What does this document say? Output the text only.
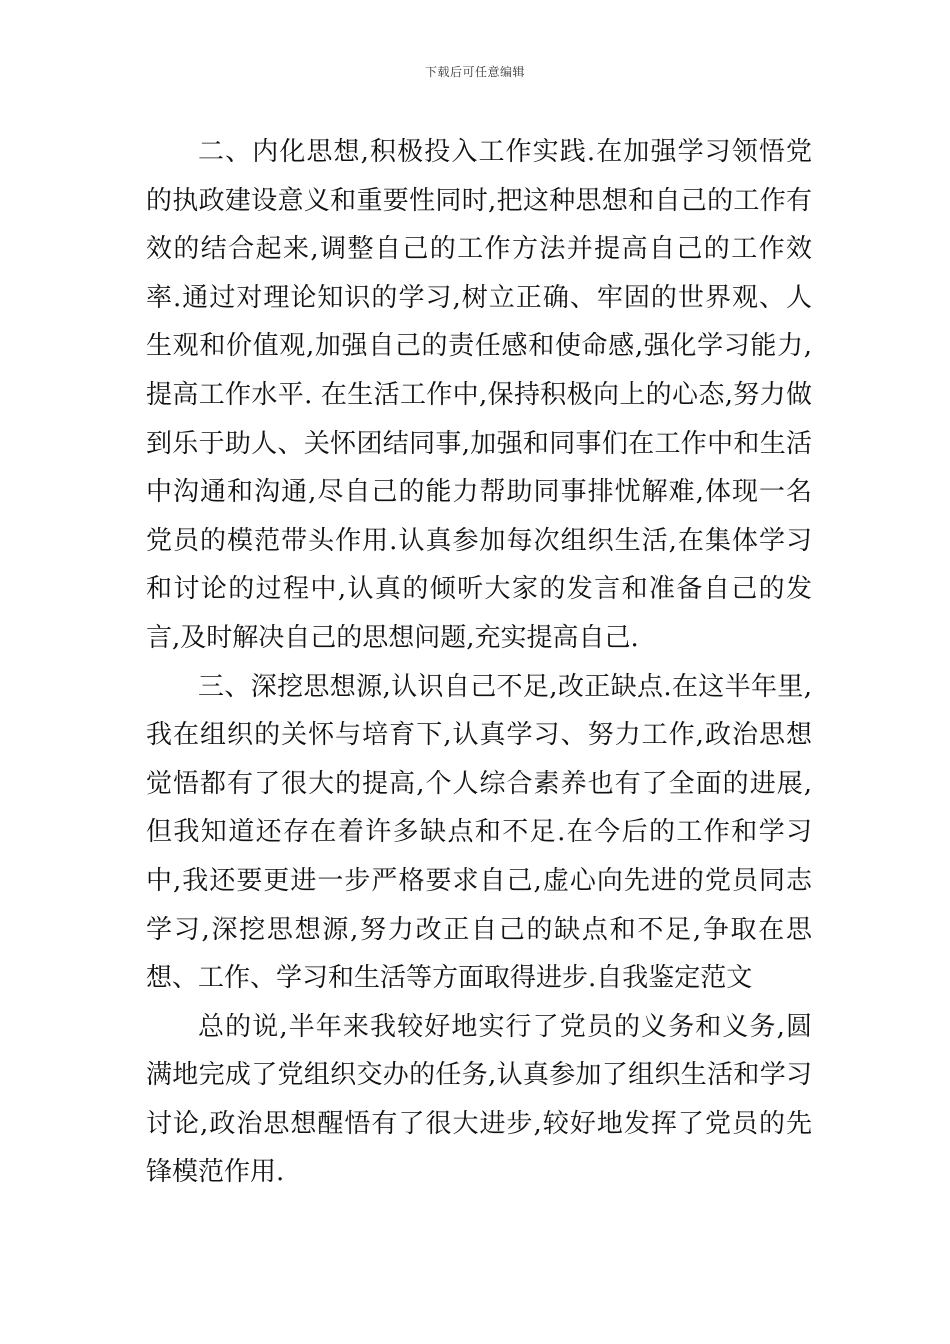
下载后可任意编辑

二、内化思想,积极投入工作实践.在加强学习领悟党的执政建设意义和重要性同时,把这种思想和自己的工作有效的结合起来,调整自己的工作方法并提高自己的工作效率.通过对理论知识的学习,树立正确、牢固的世界观、人生观和价值观,加强自己的责任感和使命感,强化学习能力,提高工作水平. 在生活工作中,保持积极向上的心态,努力做到乐于助人、关怀团结同事,加强和同事们在工作中和生活中沟通和沟通,尽自己的能力帮助同事排忧解难,体现一名党员的模范带头作用.认真参加每次组织生活,在集体学习和讨论的过程中,认真的倾听大家的发言和准备自己的发言,及时解决自己的思想问题,充实提高自己.

三、深挖思想源,认识自己不足,改正缺点.在这半年里,我在组织的关怀与培育下,认真学习、努力工作,政治思想觉悟都有了很大的提高,个人综合素养也有了全面的进展,但我知道还存在着许多缺点和不足.在今后的工作和学习中,我还要更进一步严格要求自己,虚心向先进的党员同志学习,深挖思想源,努力改正自己的缺点和不足,争取在思想、工作、学习和生活等方面取得进步.自我鉴定范文

总的说,半年来我较好地实行了党员的义务和义务,圆满地完成了党组织交办的任务,认真参加了组织生活和学习讨论,政治思想醒悟有了很大进步,较好地发挥了党员的先锋模范作用.
